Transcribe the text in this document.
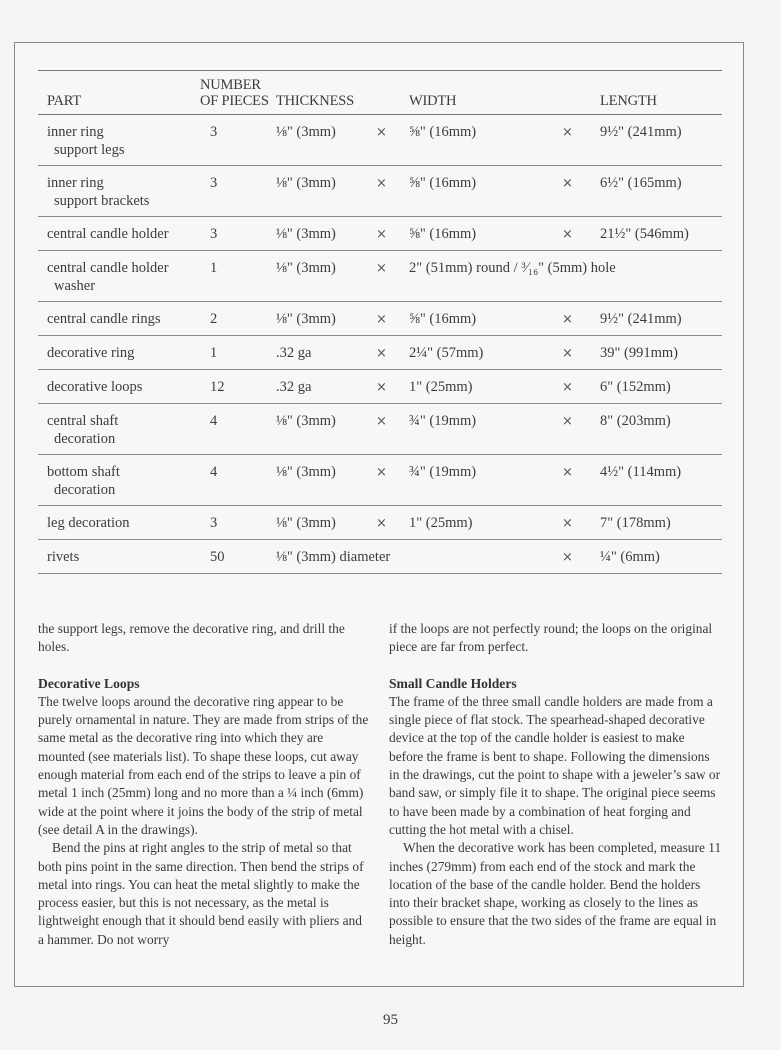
PART	NUMBER
OF PIECES	THICKNESS		WIDTH		LENGTH
inner ring
support legs	3	⅛" (3mm)	×	⅝" (16mm)	×	9½" (241mm)
inner ring
support brackets	3	⅛" (3mm)	×	⅝" (16mm)	×	6½" (165mm)
central candle holder	3	⅛" (3mm)	×	⅝" (16mm)	×	21½" (546mm)
central candle holder
washer	1	⅛" (3mm)	×	2" (51mm) round / ³⁄₁₆" (5mm) hole		
central candle rings	2	⅛" (3mm)	×	⅝" (16mm)	×	9½" (241mm)
decorative ring	1	.32 ga	×	2¼" (57mm)	×	39" (991mm)
decorative loops	12	.32 ga	×	1" (25mm)	×	6" (152mm)
central shaft
decoration	4	⅛" (3mm)	×	¾" (19mm)	×	8" (203mm)
bottom shaft
decoration	4	⅛" (3mm)	×	¾" (19mm)	×	4½" (114mm)
leg decoration	3	⅛" (3mm)	×	1" (25mm)	×	7" (178mm)
rivets	50	⅛" (3mm) diameter			×	¼" (6mm)

the support legs, remove the decorative ring, and drill the holes.

Decorative Loops

The twelve loops around the decorative ring appear to be purely ornamental in nature. They are made from strips of the same metal as the decorative ring into which they are mounted (see materials list). To shape these loops, cut away enough material from each end of the strips to leave a pin of metal 1 inch (25mm) long and no more than a ¼ inch (6mm) wide at the point where it joins the body of the strip of metal (see detail A in the drawings).

Bend the pins at right angles to the strip of metal so that both pins point in the same direction. Then bend the strips of metal into rings. You can heat the metal slightly to make the process easier, but this is not necessary, as the metal is lightweight enough that it should bend easily with pliers and a hammer. Do not worry

if the loops are not perfectly round; the loops on the original piece are far from perfect.

Small Candle Holders

The frame of the three small candle holders are made from a single piece of flat stock. The spearhead-shaped decorative device at the top of the candle holder is easiest to make before the frame is bent to shape. Following the dimensions in the drawings, cut the point to shape with a jeweler’s saw or band saw, or simply file it to shape. The original piece seems to have been made by a combination of heat forging and cutting the hot metal with a chisel.

When the decorative work has been completed, measure 11 inches (279mm) from each end of the stock and mark the location of the base of the candle holder. Bend the holders into their bracket shape, working as closely to the lines as possible to ensure that the two sides of the frame are equal in height.

95
